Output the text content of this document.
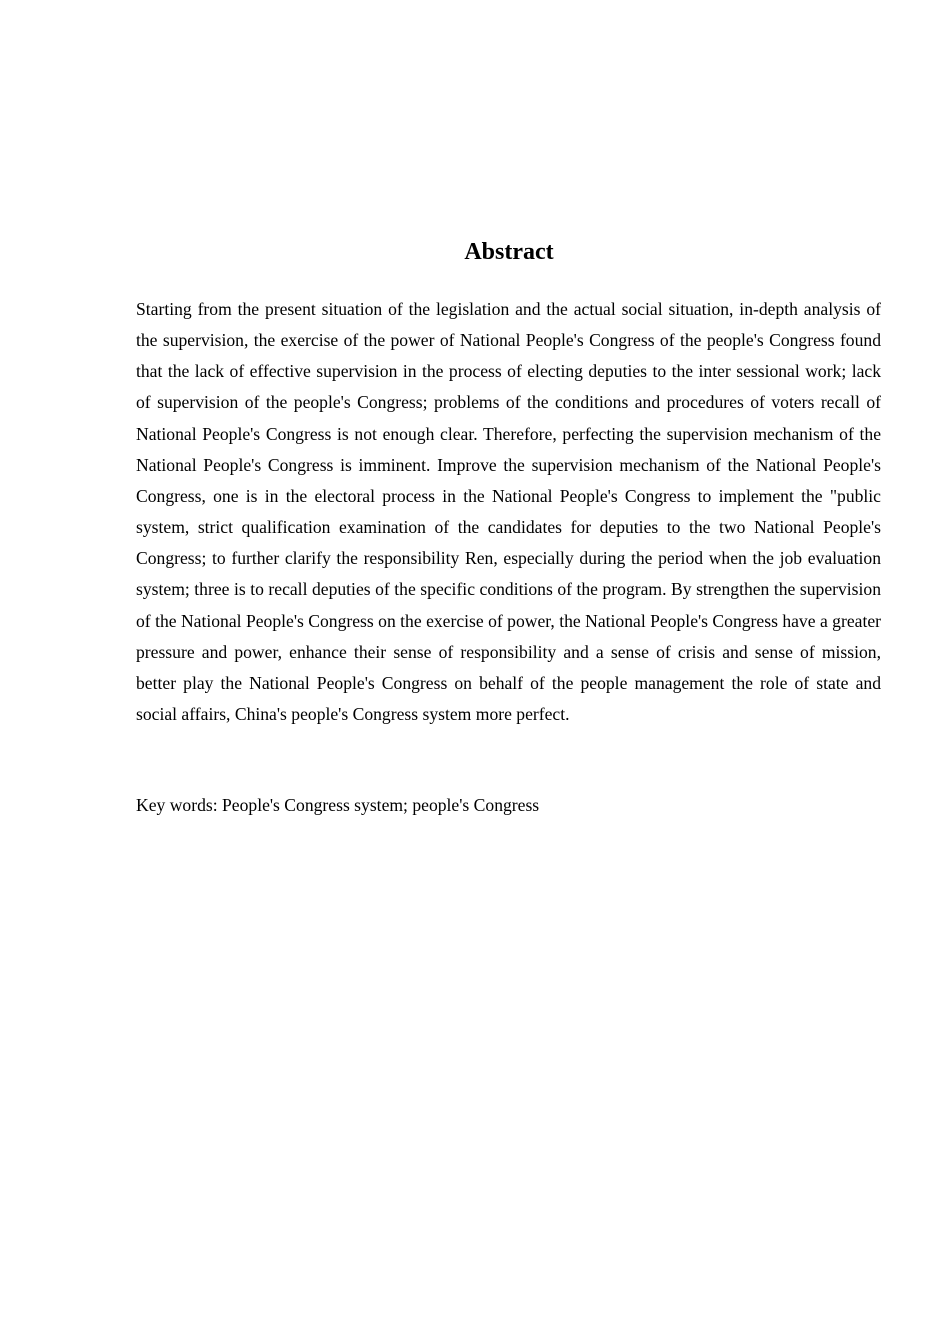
Abstract

Starting from the present situation of the legislation and the actual social situation, in-depth analysis of the supervision, the exercise of the power of National People's Congress of the people's Congress found that the lack of effective supervision in the process of electing deputies to the inter sessional work; lack of supervision of the people's Congress; problems of the conditions and procedures of voters recall of National People's Congress is not enough clear. Therefore, perfecting the supervision mechanism of the National People's Congress is imminent. Improve the supervision mechanism of the National People's Congress, one is in the electoral process in the National People's Congress to implement the "public system, strict qualification examination of the candidates for deputies to the two National People's Congress; to further clarify the responsibility Ren, especially during the period when the job evaluation system; three is to recall deputies of the specific conditions of the program. By strengthen the supervision of the National People's Congress on the exercise of power, the National People's Congress have a greater pressure and power, enhance their sense of responsibility and a sense of crisis and sense of mission, better play the National People's Congress on behalf of the people management the role of state and social affairs, China's people's Congress system more perfect.

Key words: People's Congress system; people's Congress
